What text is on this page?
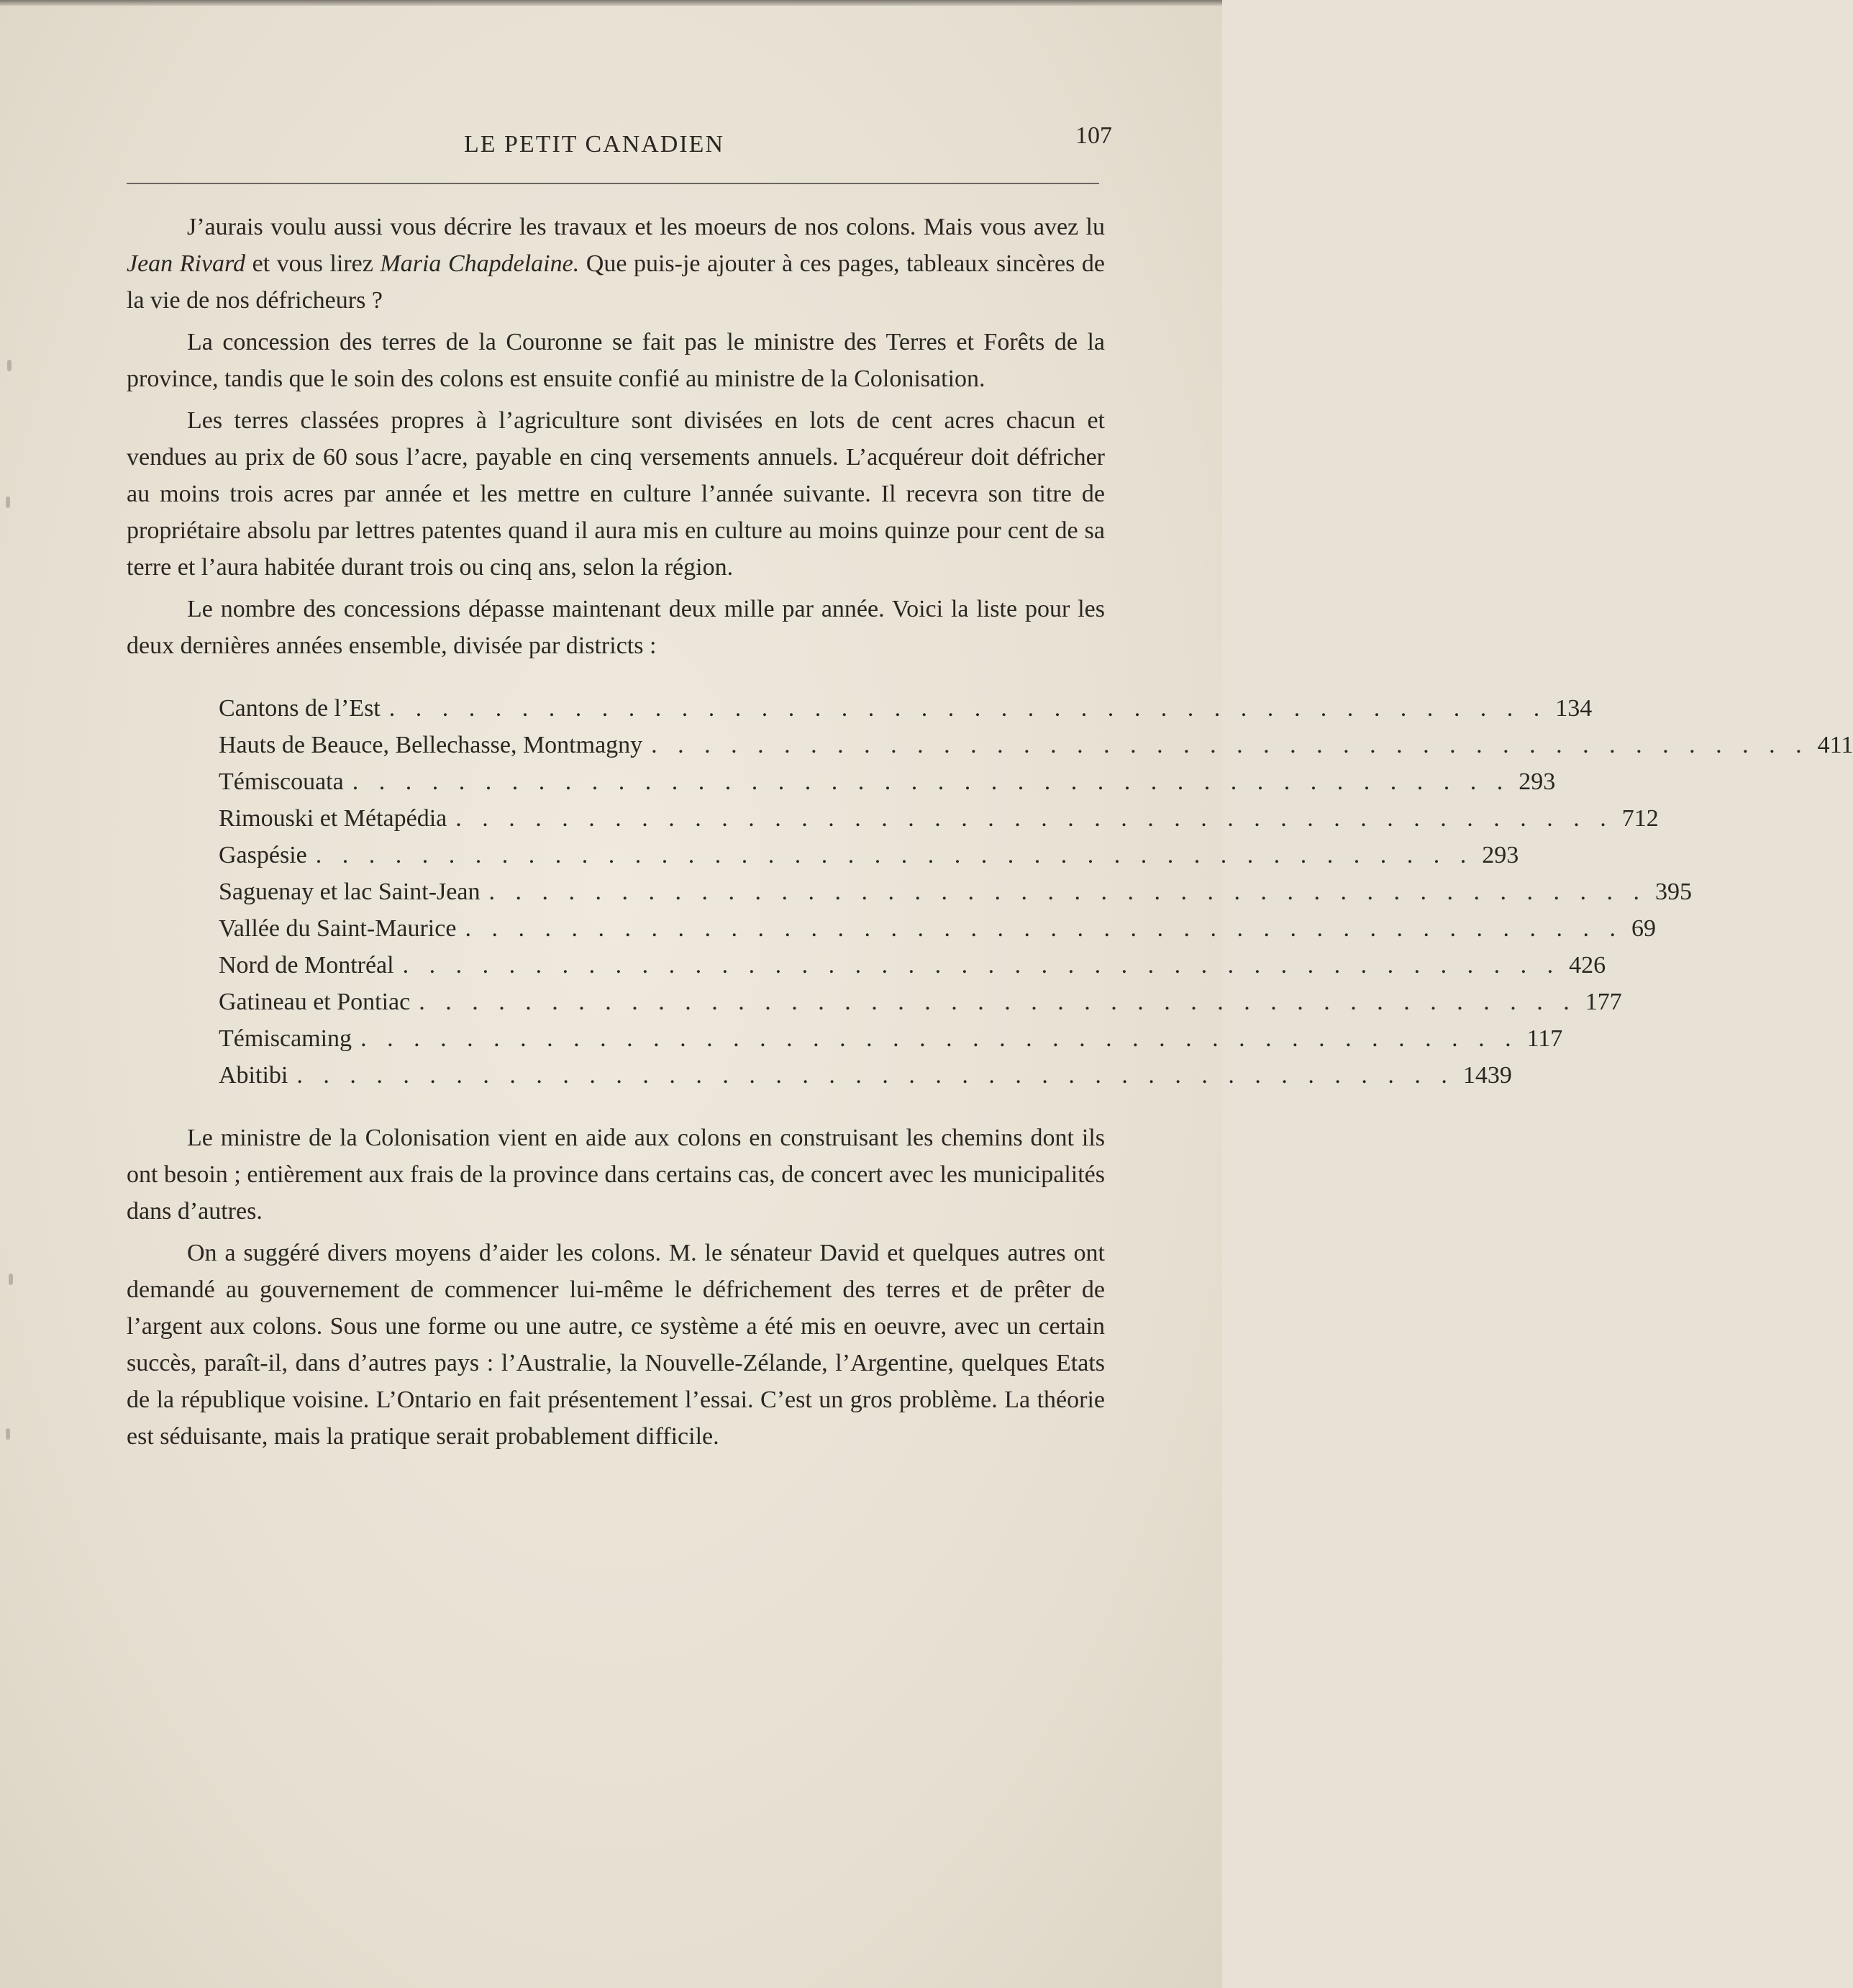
LE PETIT CANADIEN	107

J’aurais voulu aussi vous décrire les travaux et les moeurs de nos colons. Mais vous avez lu Jean Rivard et vous lirez Maria Chapdelaine. Que puis-je ajouter à ces pages, tableaux sincères de la vie de nos défricheurs ?

La concession des terres de la Couronne se fait pas le ministre des Terres et Forêts de la province, tandis que le soin des colons est ensuite confié au ministre de la Colonisation.

Les terres classées propres à l’agriculture sont divisées en lots de cent acres chacun et vendues au prix de 60 sous l’acre, payable en cinq versements annuels. L’acquéreur doit défricher au moins trois acres par année et les mettre en culture l’année suivante. Il recevra son titre de propriétaire absolu par lettres patentes quand il aura mis en culture au moins quinze pour cent de sa terre et l’aura habitée durant trois ou cinq ans, selon la région.

Le nombre des concessions dépasse maintenant deux mille par année. Voici la liste pour les deux dernières années ensemble, divisée par districts :

Cantons de l’Est . . . . . . . . . . . . . . . . . . . . . . . . . . . . . . . . . . . . . . . . . . . . 134
Hauts de Beauce, Bellechasse, Montmagny . . . . . . . . . . . . . . . . . . . . . . . . . . . . . . . . . . . . . . . . . . . . 411
Témiscouata . . . . . . . . . . . . . . . . . . . . . . . . . . . . . . . . . . . . . . . . . . . . 293
Rimouski et Métapédia . . . . . . . . . . . . . . . . . . . . . . . . . . . . . . . . . . . . . . . . . . . . 712
Gaspésie . . . . . . . . . . . . . . . . . . . . . . . . . . . . . . . . . . . . . . . . . . . . 293
Saguenay et lac Saint-Jean . . . . . . . . . . . . . . . . . . . . . . . . . . . . . . . . . . . . . . . . . . . . 395
Vallée du Saint-Maurice . . . . . . . . . . . . . . . . . . . . . . . . . . . . . . . . . . . . . . . . . . . . 69
Nord de Montréal . . . . . . . . . . . . . . . . . . . . . . . . . . . . . . . . . . . . . . . . . . . . 426
Gatineau et Pontiac . . . . . . . . . . . . . . . . . . . . . . . . . . . . . . . . . . . . . . . . . . . . 177
Témiscaming . . . . . . . . . . . . . . . . . . . . . . . . . . . . . . . . . . . . . . . . . . . . 117
Abitibi . . . . . . . . . . . . . . . . . . . . . . . . . . . . . . . . . . . . . . . . . . . . 1439

Le ministre de la Colonisation vient en aide aux colons en construisant les chemins dont ils ont besoin ; entièrement aux frais de la province dans certains cas, de concert avec les municipalités dans d’autres.

On a suggéré divers moyens d’aider les colons. M. le sénateur David et quelques autres ont demandé au gouvernement de commencer lui-même le défrichement des terres et de prêter de l’argent aux colons. Sous une forme ou une autre, ce système a été mis en oeuvre, avec un certain succès, paraît-il, dans d’autres pays : l’Australie, la Nouvelle-Zélande, l’Argentine, quelques Etats de la république voisine. L’Ontario en fait présentement l’essai. C’est un gros problème. La théorie est séduisante, mais la pratique serait probablement difficile.
